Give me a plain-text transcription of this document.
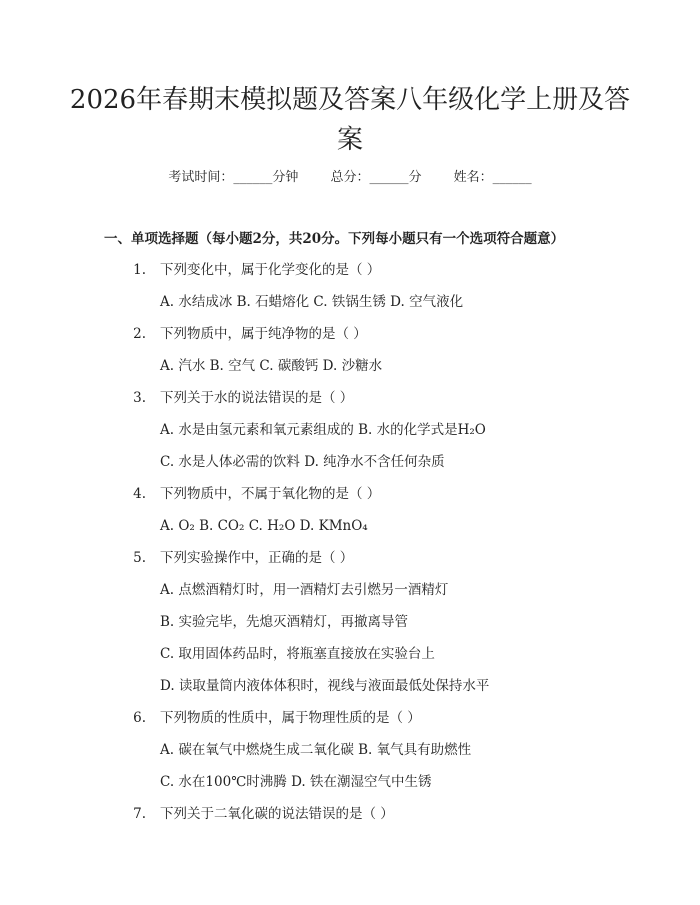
2026年春期末模拟题及答案八年级化学上册及答案
考试时间：______分钟 总分：______分 姓名：______
一、单项选择题（每小题2分，共20分。下列每小题只有一个选项符合题意）
1. 下列变化中，属于化学变化的是（ ）
A. 水结成冰 B. 石蜡熔化 C. 铁锅生锈 D. 空气液化
2. 下列物质中，属于纯净物的是（ ）
A. 汽水 B. 空气 C. 碳酸钙 D. 沙糖水
3. 下列关于水的说法错误的是（ ）
A. 水是由氢元素和氧元素组成的 B. 水的化学式是H₂O
C. 水是人体必需的饮料 D. 纯净水不含任何杂质
4. 下列物质中，不属于氧化物的是（ ）
A. O₂ B. CO₂ C. H₂O D. KMnO₄
5. 下列实验操作中，正确的是（ ）
A. 点燃酒精灯时，用一酒精灯去引燃另一酒精灯
B. 实验完毕，先熄灭酒精灯，再撤离导管
C. 取用固体药品时，将瓶塞直接放在实验台上
D. 读取量筒内液体体积时，视线与液面最低处保持水平
6. 下列物质的性质中，属于物理性质的是（ ）
A. 碳在氧气中燃烧生成二氧化碳 B. 氧气具有助燃性
C. 水在100℃时沸腾 D. 铁在潮湿空气中生锈
7. 下列关于二氧化碳的说法错误的是（ ）
